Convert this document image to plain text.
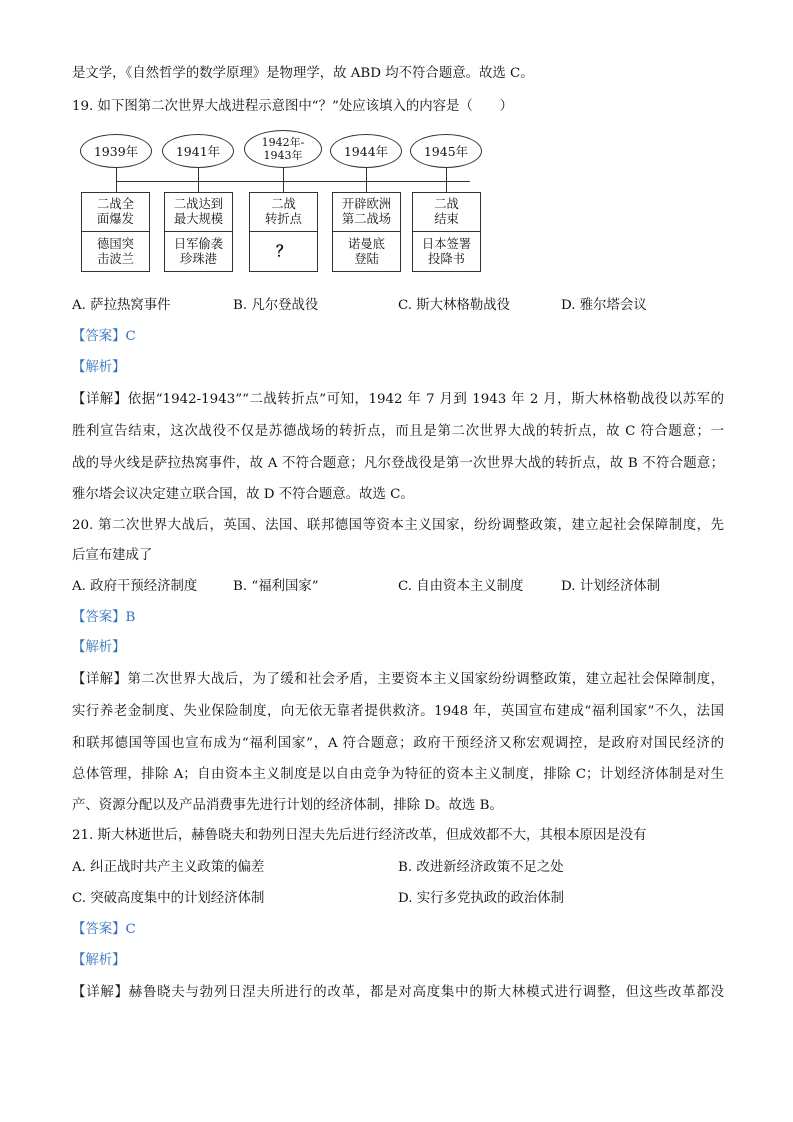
是文学，《自然哲学的数学原理》是物理学，故 ABD 均不符合题意。故选 C。
19. 如下图第二次世界大战进程示意图中“？”处应该填入的内容是（　　）
A. 萨拉热窝事件	B. 凡尔登战役	C. 斯大林格勒战役	D. 雅尔塔会议
【答案】C
【解析】
【详解】依据“1942-1943”“二战转折点”可知，1942 年 7 月到 1943 年 2 月，斯大林格勒战役以苏军的
胜利宣告结束，这次战役不仅是苏德战场的转折点，而且是第二次世界大战的转折点，故 C 符合题意；一
战的导火线是萨拉热窝事件，故 A 不符合题意；凡尔登战役是第一次世界大战的转折点，故 B 不符合题意；
雅尔塔会议决定建立联合国，故 D 不符合题意。故选 C。
20. 第二次世界大战后，英国、法国、联邦德国等资本主义国家，纷纷调整政策，建立起社会保障制度，先
后宣布建成了
A. 政府干预经济制度	B. “福利国家”	C. 自由资本主义制度	D. 计划经济体制
【答案】B
【解析】
【详解】第二次世界大战后，为了缓和社会矛盾，主要资本主义国家纷纷调整政策，建立起社会保障制度，
实行养老金制度、失业保险制度，向无依无靠者提供救济。1948 年，英国宣布建成“福利国家”不久，法国
和联邦德国等国也宣布成为“福利国家”，A 符合题意；政府干预经济又称宏观调控，是政府对国民经济的
总体管理，排除 A；自由资本主义制度是以自由竞争为特征的资本主义制度，排除 C；计划经济体制是对生
产、资源分配以及产品消费事先进行计划的经济体制，排除 D。故选 B。
21. 斯大林逝世后，赫鲁晓夫和勃列日涅夫先后进行经济改革，但成效都不大，其根本原因是没有
A. 纠正战时共产主义政策的偏差	B. 改进新经济政策不足之处
C. 突破高度集中的计划经济体制	D. 实行多党执政的政治体制
【答案】C
【解析】
【详解】赫鲁晓夫与勃列日涅夫所进行的改革，都是对高度集中的斯大林模式进行调整，但这些改革都没
1939年	1941年
1942年-
1943年	1944年	1945年
二战全
面爆发
德国突
击波兰
二战达到
最大规模
日军偷袭
珍珠港
二战
转折点
？
开辟欧洲
第二战场
诺曼底
登陆
二战
结束
日本签署
投降书
